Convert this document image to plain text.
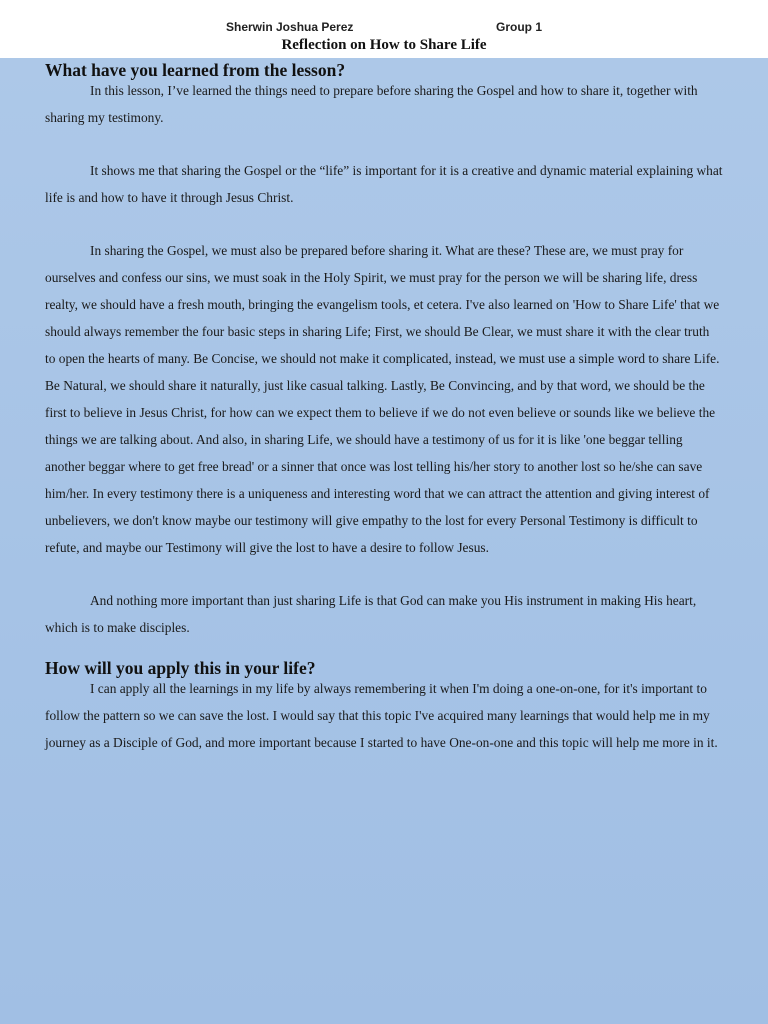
Sherwin Joshua Perez	Group 1
Reflection on How to Share Life
What have you learned from the lesson?

In this lesson, I’ve learned the things need to prepare before sharing the Gospel and how to share it, together with sharing my testimony.

It shows me that sharing the Gospel or the “life” is important for it is a creative and dynamic material explaining what life is and how to have it through Jesus Christ.

In sharing the Gospel, we must also be prepared before sharing it. What are these? These are, we must pray for ourselves and confess our sins, we must soak in the Holy Spirit, we must pray for the person we will be sharing life, dress realty, we should have a fresh mouth, bringing the evangelism tools, et cetera. I've also learned on 'How to Share Life' that we should always remember the four basic steps in sharing Life; First, we should Be Clear, we must share it with the clear truth to open the hearts of many. Be Concise, we should not make it complicated, instead, we must use a simple word to share Life. Be Natural, we should share it naturally, just like casual talking. Lastly, Be Convincing, and by that word, we should be the first to believe in Jesus Christ, for how can we expect them to believe if we do not even believe or sounds like we believe the things we are talking about. And also, in sharing Life, we should have a testimony of us for it is like 'one beggar telling another beggar where to get free bread' or a sinner that once was lost telling his/her story to another lost so he/she can save him/her. In every testimony there is a uniqueness and interesting word that we can attract the attention and giving interest of unbelievers, we don't know maybe our testimony will give empathy to the lost for every Personal Testimony is difficult to refute, and maybe our Testimony will give the lost to have a desire to follow Jesus.

And nothing more important than just sharing Life is that God can make you His instrument in making His heart, which is to make disciples.

How will you apply this in your life?

I can apply all the learnings in my life by always remembering it when I'm doing a one-on-one, for it's important to follow the pattern so we can save the lost. I would say that this topic I've acquired many learnings that would help me in my journey as a Disciple of God, and more important because I started to have One-on-one and this topic will help me more in it.
